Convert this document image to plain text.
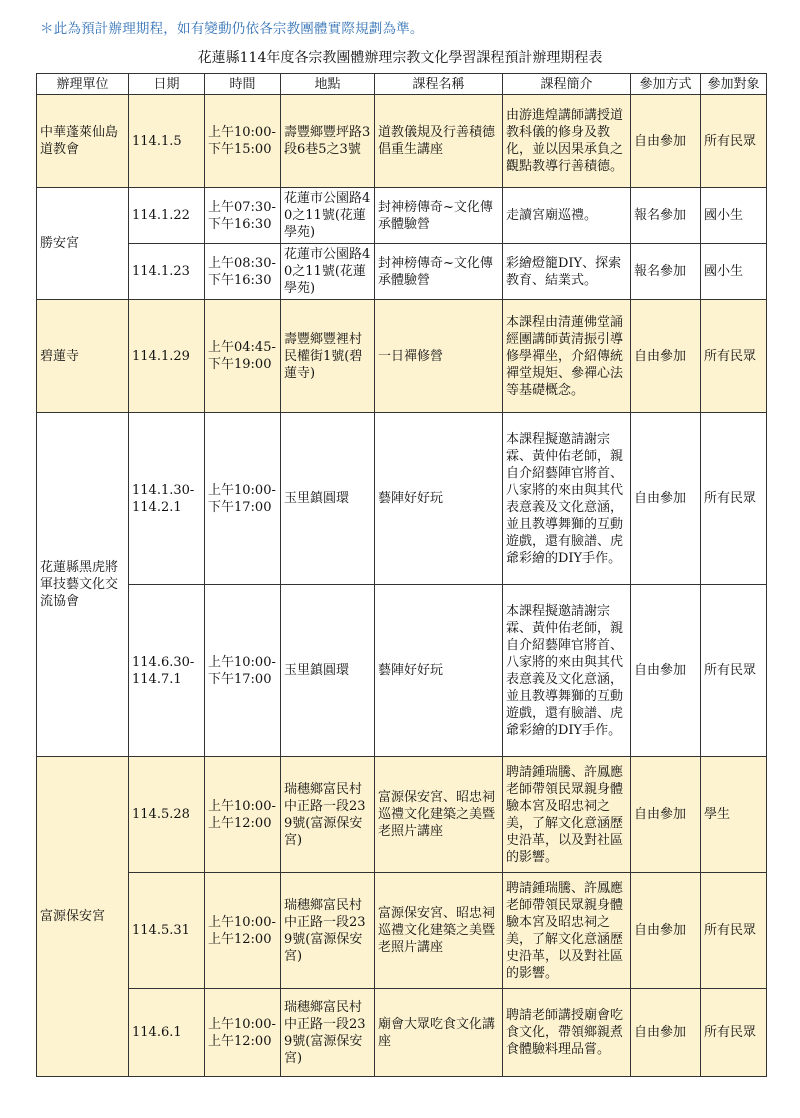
＊此為預計辦理期程，如有變動仍依各宗教團體實際規劃為準。
花蓮縣114年度各宗教團體辦理宗教文化學習課程預計辦理期程表
辦理單位	日期	時間	地點	課程名稱	課程簡介	參加方式	參加對象
中華蓬萊仙島道教會	114.1.5	上午10:00-下午15:00	壽豐鄉豐坪路3段6巷5之3號	道教儀規及行善積德倡重生講座	由游進煌講師講授道教科儀的修身及教化，並以因果承負之觀點教導行善積德。	自由參加	所有民眾
勝安宮	114.1.22	上午07:30-下午16:30	花蓮市公園路40之11號(花蓮學苑)	封神榜傳奇~文化傳承體驗營	走讀宮廟巡禮。	報名參加	國小生
	114.1.23	上午08:30-下午16:30	花蓮市公園路40之11號(花蓮學苑)	封神榜傳奇~文化傳承體驗營	彩繪燈籠DIY、探索教育、結業式。	報名參加	國小生
碧蓮寺	114.1.29	上午04:45-下午19:00	壽豐鄉豐裡村民權街1號(碧蓮寺)	一日禪修營	本課程由清蓮佛堂誦經團講師黃清振引導修學禪坐，介紹傳統禪堂規矩、參禪心法等基礎概念。	自由參加	所有民眾
花蓮縣黑虎將軍技藝文化交流協會	114.1.30-114.2.1	上午10:00-下午17:00	玉里鎮圓環	藝陣好好玩	本課程擬邀請謝宗霖、黃仲佑老師，親自介紹藝陣官將首、八家將的來由與其代表意義及文化意涵，並且教導舞獅的互動遊戲，還有臉譜、虎爺彩繪的DIY手作。	自由參加	所有民眾
	114.6.30-114.7.1	上午10:00-下午17:00	玉里鎮圓環	藝陣好好玩	本課程擬邀請謝宗霖、黃仲佑老師，親自介紹藝陣官將首、八家將的來由與其代表意義及文化意涵，並且教導舞獅的互動遊戲，還有臉譜、虎爺彩繪的DIY手作。	自由參加	所有民眾
富源保安宮	114.5.28	上午10:00-上午12:00	瑞穗鄉富民村中正路一段239號(富源保安宮)	富源保安宮、昭忠祠巡禮文化建築之美暨老照片講座	聘請鍾瑞騰、許鳳應老師帶領民眾親身體驗本宮及昭忠祠之美，了解文化意涵歷史沿革，以及對社區的影響。	自由參加	學生
	114.5.31	上午10:00-上午12:00	瑞穗鄉富民村中正路一段239號(富源保安宮)	富源保安宮、昭忠祠巡禮文化建築之美暨老照片講座	聘請鍾瑞騰、許鳳應老師帶領民眾親身體驗本宮及昭忠祠之美，了解文化意涵歷史沿革，以及對社區的影響。	自由參加	所有民眾
	114.6.1	上午10:00-上午12:00	瑞穗鄉富民村中正路一段239號(富源保安宮)	廟會大眾吃食文化講座	聘請老師講授廟會吃食文化，帶領鄉親煮食體驗料理品嘗。	自由參加	所有民眾
